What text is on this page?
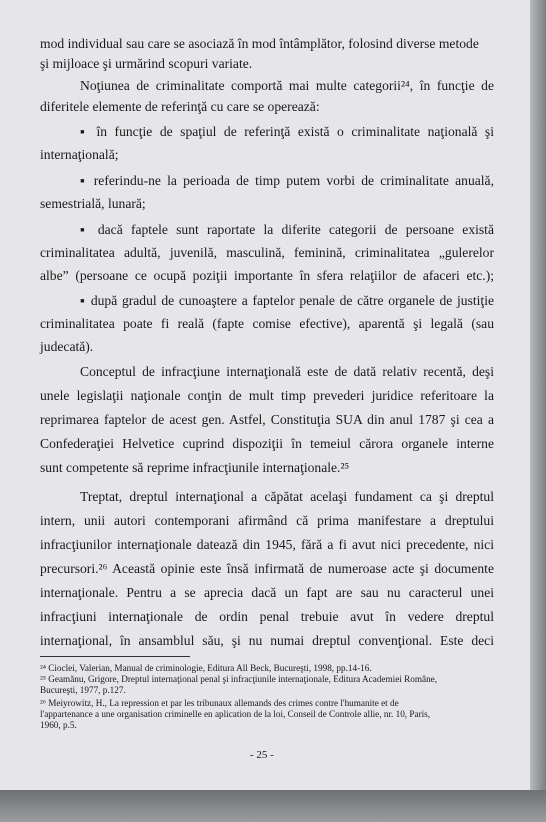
mod individual sau care se asociază în mod întâmplător, folosind diverse metode
şi mijloace şi urmărind scopuri variate.
Noţiunea de criminalitate comportă mai multe categorii²⁴, în funcţie de
diferitele elemente de referinţă cu care se operează:
▪ în funcţie de spaţiul de referinţă există o criminalitate naţională şi
internaţională;
▪ referindu-ne la perioada de timp putem vorbi de criminalitate anuală,
semestrială, lunară;
▪ dacă faptele sunt raportate la diferite categorii de persoane există
criminalitatea adultă, juvenilă, masculină, feminină, criminalitatea „gulerelor
albe” (persoane ce ocupă poziţii importante în sfera relaţiilor de afaceri etc.);
▪ după gradul de cunoaştere a faptelor penale de către organele de justiţie
criminalitatea poate fi reală (fapte comise efective), aparentă şi legală (sau
judecată).
Conceptul de infracţiune internaţională este de dată relativ recentă, deşi
unele legislaţii naţionale conţin de mult timp prevederi juridice referitoare la
reprimarea faptelor de acest gen. Astfel, Constituţia SUA din anul 1787 şi cea a
Confederaţiei Helvetice cuprind dispoziţii în temeiul cărora organele interne
sunt competente să reprime infracţiunile internaţionale.²⁵
Treptat, dreptul internaţional a căpătat acelaşi fundament ca şi dreptul
intern, unii autori contemporani afirmând că prima manifestare a dreptului
infracţiunilor internaţionale datează din 1945, fără a fi avut nici precedente, nici
precursori.²⁶ Această opinie este însă infirmată de numeroase acte şi documente
internaţionale. Pentru a se aprecia dacă un fapt are sau nu caracterul unei
infracţiuni internaţionale de ordin penal trebuie avut în vedere dreptul
internaţional, în ansamblul său, şi nu numai dreptul convenţional. Este deci
²⁴ Cioclei, Valerian, Manual de criminologie, Editura All Beck, Bucureşti, 1998, pp.14-16.
²⁵ Geamănu, Grigore, Dreptul internaţional penal şi infracţiunile internaţionale, Editura Academiei Române,
Bucureşti, 1977, p.127.
²⁶ Meiyrowitz, H., La repression et par les tribunaux allemands des crimes contre l'humanite et de
l'appartenance a une organisation criminelle en aplication de la loi, Conseil de Controle allie, nr. 10, Paris,
1960, p.5.
- 25 -
